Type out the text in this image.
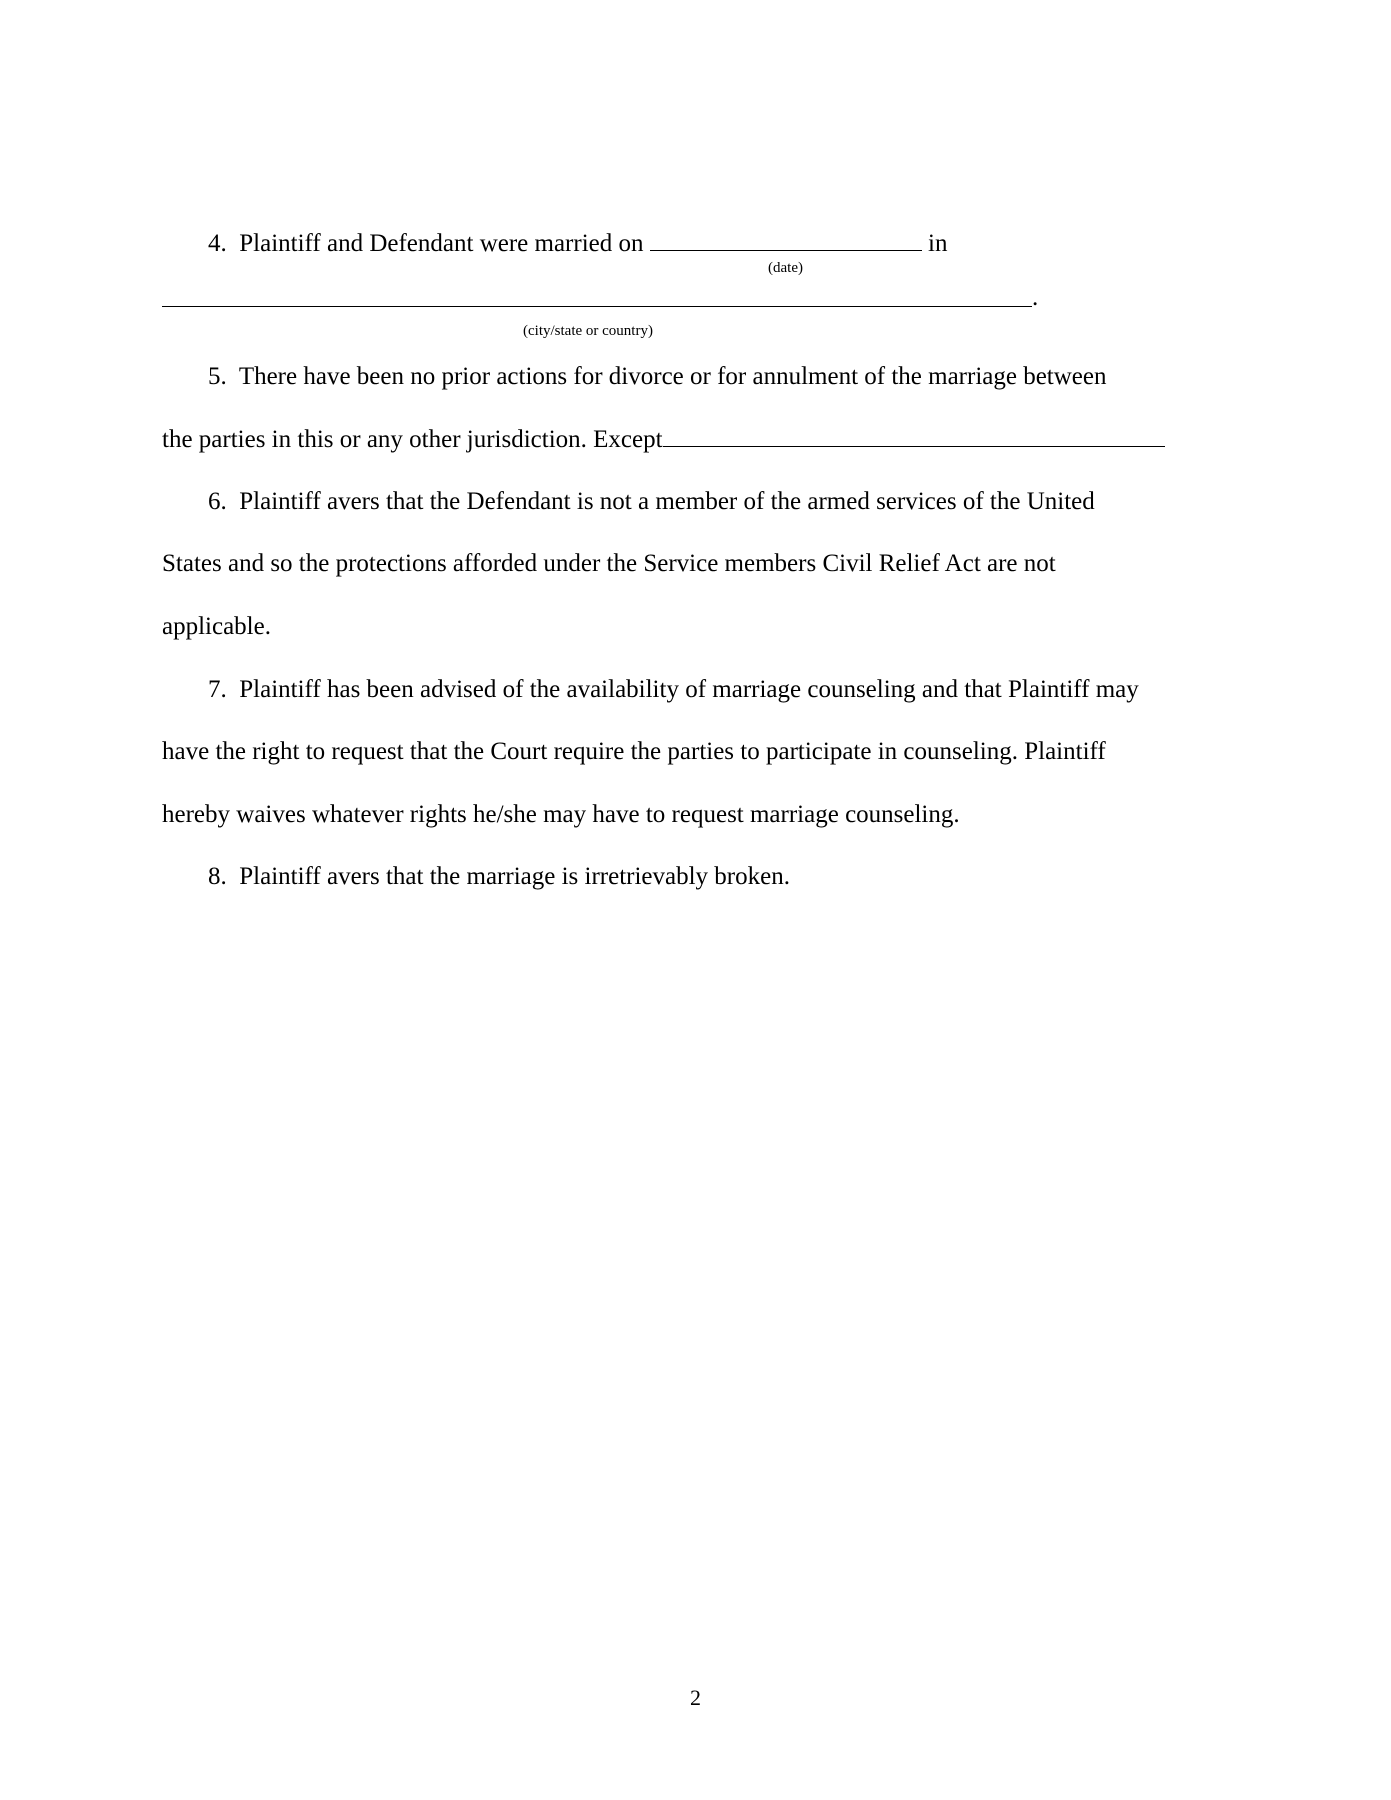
4. Plaintiff and Defendant were married on	in
(date)
.
(city/state or country)
5. There have been no prior actions for divorce or for annulment of the marriage between
the parties in this or any other jurisdiction. Except
6. Plaintiff avers that the Defendant is not a member of the armed services of the United
States and so the protections afforded under the Service members Civil Relief Act are not
applicable.
7. Plaintiff has been advised of the availability of marriage counseling and that Plaintiff may
have the right to request that the Court require the parties to participate in counseling. Plaintiff
hereby waives whatever rights he/she may have to request marriage counseling.
8. Plaintiff avers that the marriage is irretrievably broken.
2
